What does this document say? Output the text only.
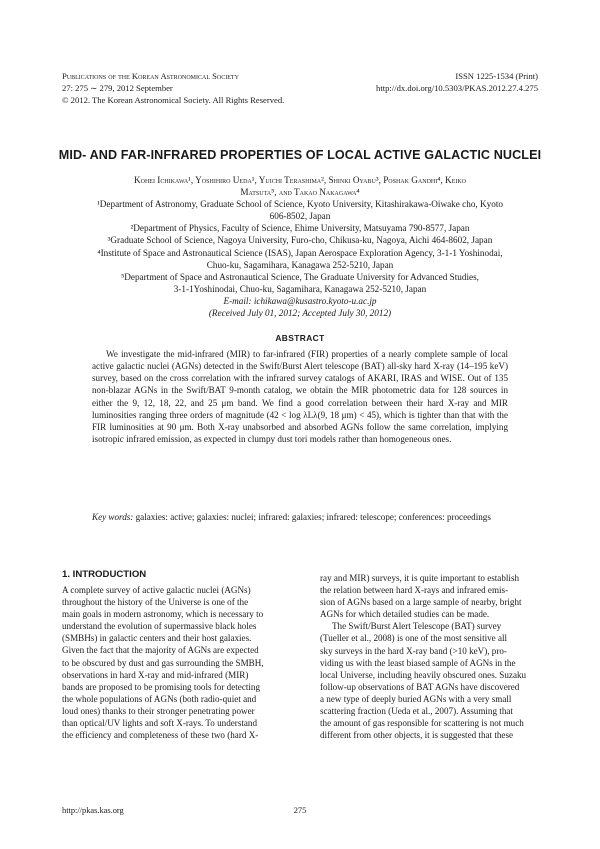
Publications of the Korean Astronomical Society
27: 275 ∼ 279, 2012 September
© 2012. The Korean Astronomical Society. All Rights Reserved.
ISSN 1225-1534 (Print)
http://dx.doi.org/10.5303/PKAS.2012.27.4.275
MID- AND FAR-INFRARED PROPERTIES OF LOCAL ACTIVE GALACTIC NUCLEI
Kohei Ichikawa¹, Yoshihiro Ueda¹, Yuichi Terashima², Shinki Oyabu³, Poshak Gandhi⁴, Keiko
Matsuta⁵, and Takao Nakagawa⁴
¹Department of Astronomy, Graduate School of Science, Kyoto University, Kitashirakawa-Oiwake cho, Kyoto
606-8502, Japan
²Department of Physics, Faculty of Science, Ehime University, Matsuyama 790-8577, Japan
³Graduate School of Science, Nagoya University, Furo-cho, Chikusa-ku, Nagoya, Aichi 464-8602, Japan
⁴Institute of Space and Astronautical Science (ISAS), Japan Aerospace Exploration Agency, 3-1-1 Yoshinodai,
Chuo-ku, Sagamihara, Kanagawa 252-5210, Japan
⁵Department of Space and Astronautical Science, The Graduate University for Advanced Studies,
3-1-1Yoshinodai, Chuo-ku, Sagamihara, Kanagawa 252-5210, Japan
E-mail: ichikawa@kusastro.kyoto-u.ac.jp
(Received July 01, 2012; Accepted July 30, 2012)
ABSTRACT
We investigate the mid-infrared (MIR) to far-infrared (FIR) properties of a nearly complete sample of local active galactic nuclei (AGNs) detected in the Swift/Burst Alert telescope (BAT) all-sky hard X-ray (14–195 keV) survey, based on the cross correlation with the infrared survey catalogs of AKARI, IRAS and WISE. Out of 135 non-blazar AGNs in the Swift/BAT 9-month catalog, we obtain the MIR photometric data for 128 sources in either the 9, 12, 18, 22, and 25 μm band. We find a good correlation between their hard X-ray and MIR luminosities ranging three orders of magnitude (42 < log λLλ(9, 18 μm) < 45), which is tighter than that with the FIR luminosities at 90 μm. Both X-ray unabsorbed and absorbed AGNs follow the same correlation, implying isotropic infrared emission, as expected in clumpy dust tori models rather than homogeneous ones.
Key words: galaxies: active; galaxies: nuclei; infrared: galaxies; infrared: telescope; conferences: proceedings
1. INTRODUCTION
A complete survey of active galactic nuclei (AGNs)
throughout the history of the Universe is one of the
main goals in modern astronomy, which is necessary to
understand the evolution of supermassive black holes
(SMBHs) in galactic centers and their host galaxies.
Given the fact that the majority of AGNs are expected
to be obscured by dust and gas surrounding the SMBH,
observations in hard X-ray and mid-infrared (MIR)
bands are proposed to be promising tools for detecting
the whole populations of AGNs (both radio-quiet and
loud ones) thanks to their stronger penetrating power
than optical/UV lights and soft X-rays. To understand
the efficiency and completeness of these two (hard X-
ray and MIR) surveys, it is quite important to establish
the relation between hard X-rays and infrared emis-
sion of AGNs based on a large sample of nearby, bright
AGNs for which detailed studies can be made.
The Swift/Burst Alert Telescope (BAT) survey
(Tueller et al., 2008) is one of the most sensitive all
sky surveys in the hard X-ray band (>10 keV), pro-
viding us with the least biased sample of AGNs in the
local Universe, including heavily obscured ones. Suzaku
follow-up observations of BAT AGNs have discovered
a new type of deeply buried AGNs with a very small
scattering fraction (Ueda et al., 2007). Assuming that
the amount of gas responsible for scattering is not much
different from other objects, it is suggested that these
http://pkas.kas.org	275
